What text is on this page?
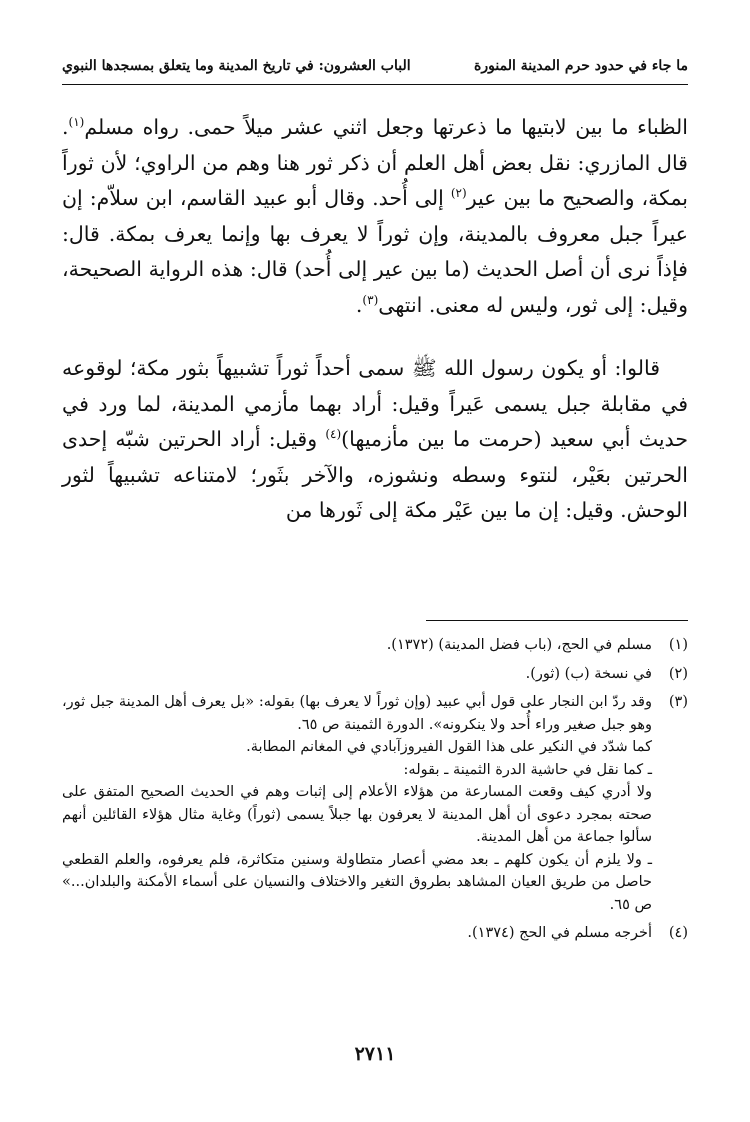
ما جاء في حدود حرم المدينة المنورة
الباب العشرون: في تاريخ المدينة وما يتعلق بمسجدها النبوي

الظباء ما بين لابتيها ما ذعرتها وجعل اثني عشر ميلاً حمى. رواه مسلم$^{(١)}$. قال المازري: نقل بعض أهل العلم أن ذكر ثور هنا وهم من الراوي؛ لأن ثوراً بمكة، والصحيح ما بين عير$^{(٢)}$ إلى أُحد. وقال أبو عبيد القاسم، ابن سلاّم: إن عيراً جبل معروف بالمدينة، وإن ثوراً لا يعرف بها وإنما يعرف بمكة. قال: فإذاً نرى أن أصل الحديث (ما بين عير إلى أُحد) قال: هذه الرواية الصحيحة، وقيل: إلى ثور، وليس له معنى. انتهى$^{(٣)}$.

قالوا: أو يكون رسول الله ﷺ سمى أحداً ثوراً تشبيهاً بثور مكة؛ لوقوعه في مقابلة جبل يسمى عَيراً وقيل: أراد بهما مأزمي المدينة، لما ورد في حديث أبي سعيد (حرمت ما بين مأزميها)$^{(٤)}$ وقيل: أراد الحرتين شبّه إحدى الحرتين بعَيْر، لنتوء وسطه ونشوزه، والآخر بثَور؛ لامتناعه تشبيهاً لثور الوحش. وقيل: إن ما بين عَيْر مكة إلى ثَورها من

(١)
مسلم في الحج، (باب فضل المدينة) (١٣٧٢).
(٢)
في نسخة (ب) (ثور).
(٣)
وقد ردّ ابن النجار على قول أبي عبيد (وإن ثوراً لا يعرف بها) بقوله: «بل يعرف أهل المدينة جبل ثور، وهو جبل صغير وراء أُحد ولا ينكرونه». الدورة الثمينة ص ٦٥.
كما شدّد في النكير على هذا القول الفيروزآبادي في المغانم المطابة.
ـ كما نقل في حاشية الدرة الثمينة ـ بقوله:
ولا أدري كيف وقعت المسارعة من هؤلاء الأعلام إلى إثبات وهم في الحديث الصحيح المتفق على صحته بمجرد دعوى أن أهل المدينة لا يعرفون بها جبلاً يسمى (ثوراً) وغاية مثال هؤلاء القائلين أنهم سألوا جماعة من أهل المدينة.
ـ ولا يلزم أن يكون كلهم ـ بعد مضي أعصار متطاولة وسنين متكاثرة، فلم يعرفوه، والعلم القطعي حاصل من طريق العيان المشاهد بطروق التغير والاختلاف والنسيان على أسماء الأمكنة والبلدان...» ص ٦٥.
(٤)
أخرجه مسلم في الحج (١٣٧٤).
٢٧١١
